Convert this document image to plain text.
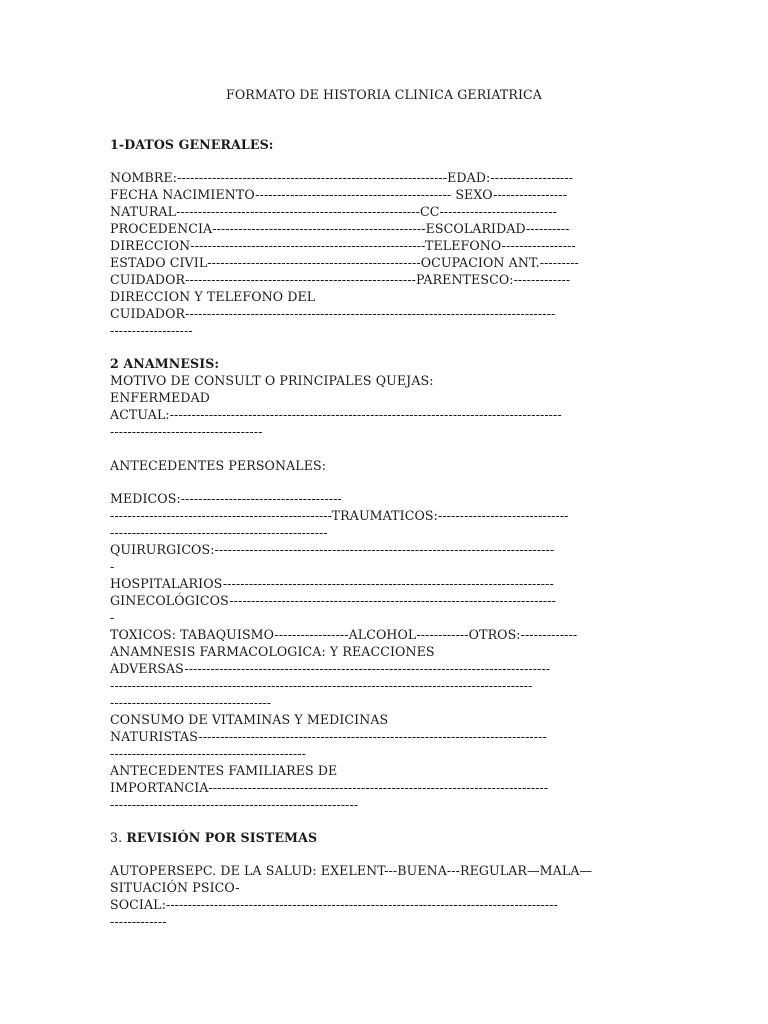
FORMATO DE HISTORIA CLINICA GERIATRICA

1-DATOS GENERALES:

NOMBRE:--------------------------------------------------------------EDAD:-------------------

FECHA NACIMIENTO--------------------------------------------- SEXO-----------------

NATURAL--------------------------------------------------------CC---------------------------

PROCEDENCIA-------------------------------------------------ESCOLARIDAD----------

DIRECCION------------------------------------------------------TELEFONO-----------------

ESTADO CIVIL-------------------------------------------------OCUPACION ANT.---------

CUIDADOR-----------------------------------------------------PARENTESCO:-------------

DIRECCION Y TELEFONO DEL

CUIDADOR-------------------------------------------------------------------------------------

-------------------

2 ANAMNESIS:

MOTIVO DE CONSULT O PRINCIPALES QUEJAS:

ENFERMEDAD

ACTUAL:------------------------------------------------------------------------------------------

-----------------------------------

ANTECEDENTES PERSONALES:

MEDICOS:-------------------------------------

---------------------------------------------------TRAUMATICOS:------------------------------

--------------------------------------------------

QUIRURGICOS:------------------------------------------------------------------------------

-

HOSPITALARIOS----------------------------------------------------------------------------

GINECOLÓGICOS---------------------------------------------------------------------------

-

TOXICOS: TABAQUISMO-----------------ALCOHOL------------OTROS:-------------

ANAMNESIS FARMACOLOGICA: Y REACCIONES

ADVERSAS------------------------------------------------------------------------------------

-------------------------------------------------------------------------------------------------

-------------------------------------

CONSUMO DE VITAMINAS Y MEDICINAS

NATURISTAS--------------------------------------------------------------------------------

---------------------------------------------

ANTECEDENTES FAMILIARES DE

IMPORTANCIA------------------------------------------------------------------------------

---------------------------------------------------------

3. REVISIÓN POR SISTEMAS

AUTOPERSEPC. DE LA SALUD: EXELENT---BUENA---REGULAR—MALA—

SITUACIÓN PSICO-

SOCIAL:------------------------------------------------------------------------------------------

-------------
